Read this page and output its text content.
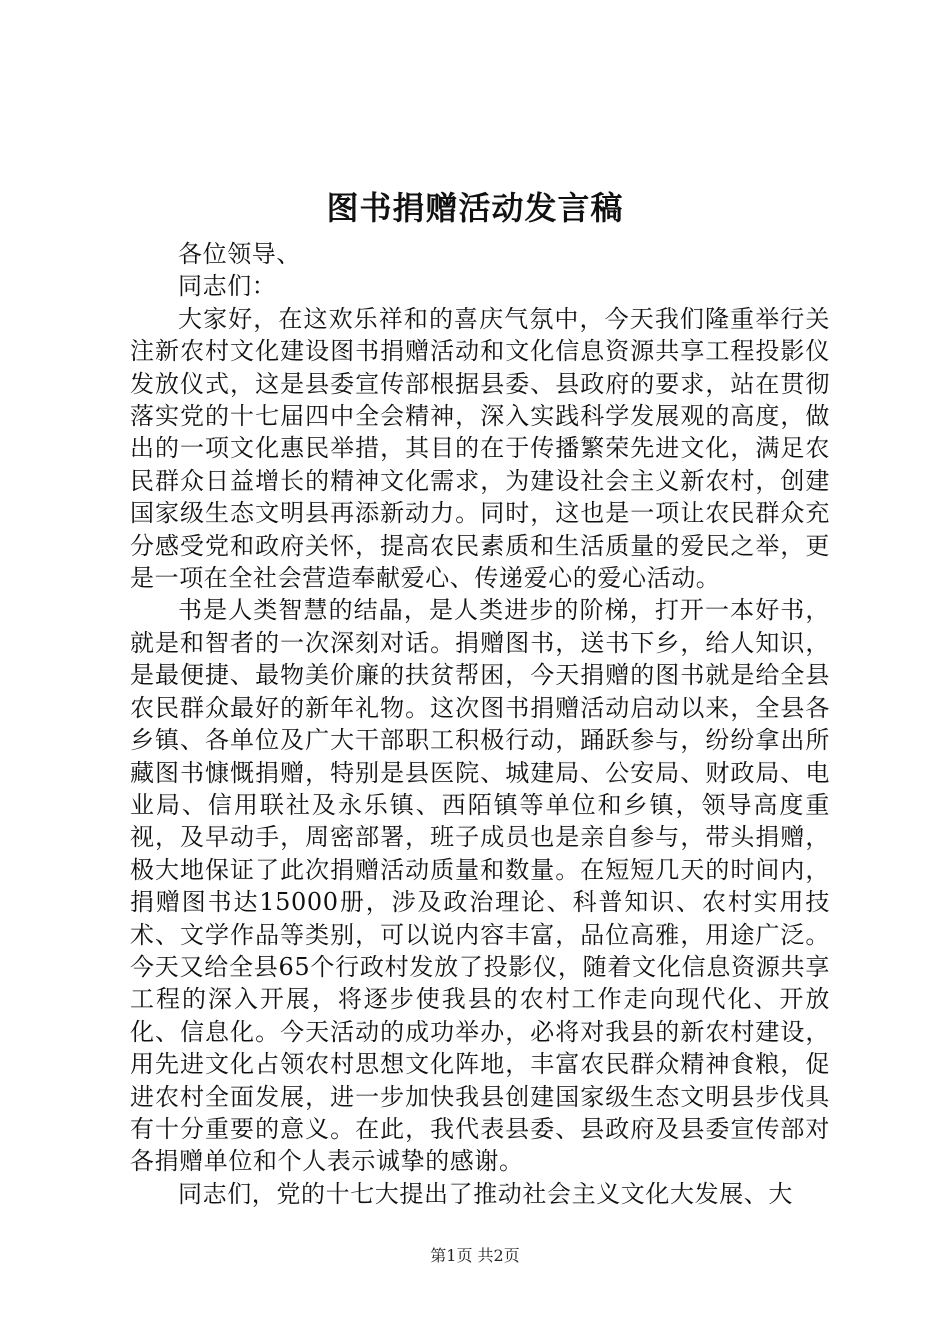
图书捐赠活动发言稿

各位领导、

同志们：

大家好，在这欢乐祥和的喜庆气氛中，今天我们隆重举行关注新农村文化建设图书捐赠活动和文化信息资源共享工程投影仪发放仪式，这是县委宣传部根据县委、县政府的要求，站在贯彻落实党的十七届四中全会精神，深入实践科学发展观的高度，做出的一项文化惠民举措，其目的在于传播繁荣先进文化，满足农民群众日益增长的精神文化需求，为建设社会主义新农村，创建国家级生态文明县再添新动力。同时，这也是一项让农民群众充分感受党和政府关怀，提高农民素质和生活质量的爱民之举，更是一项在全社会营造奉献爱心、传递爱心的爱心活动。

书是人类智慧的结晶，是人类进步的阶梯，打开一本好书，就是和智者的一次深刻对话。捐赠图书，送书下乡，给人知识，是最便捷、最物美价廉的扶贫帮困，今天捐赠的图书就是给全县农民群众最好的新年礼物。这次图书捐赠活动启动以来，全县各乡镇、各单位及广大干部职工积极行动，踊跃参与，纷纷拿出所藏图书慷慨捐赠，特别是县医院、城建局、公安局、财政局、电业局、信用联社及永乐镇、西陌镇等单位和乡镇，领导高度重视，及早动手，周密部署，班子成员也是亲自参与，带头捐赠，极大地保证了此次捐赠活动质量和数量。在短短几天的时间内，捐赠图书达15000册，涉及政治理论、科普知识、农村实用技术、文学作品等类别，可以说内容丰富，品位高雅，用途广泛。今天又给全县65个行政村发放了投影仪，随着文化信息资源共享工程的深入开展，将逐步使我县的农村工作走向现代化、开放化、信息化。今天活动的成功举办，必将对我县的新农村建设，用先进文化占领农村思想文化阵地，丰富农民群众精神食粮，促进农村全面发展，进一步加快我县创建国家级生态文明县步伐具有十分重要的意义。在此，我代表县委、县政府及县委宣传部对各捐赠单位和个人表示诚挚的感谢。

同志们，党的十七大提出了推动社会主义文化大发展、大

第1页 共2页
